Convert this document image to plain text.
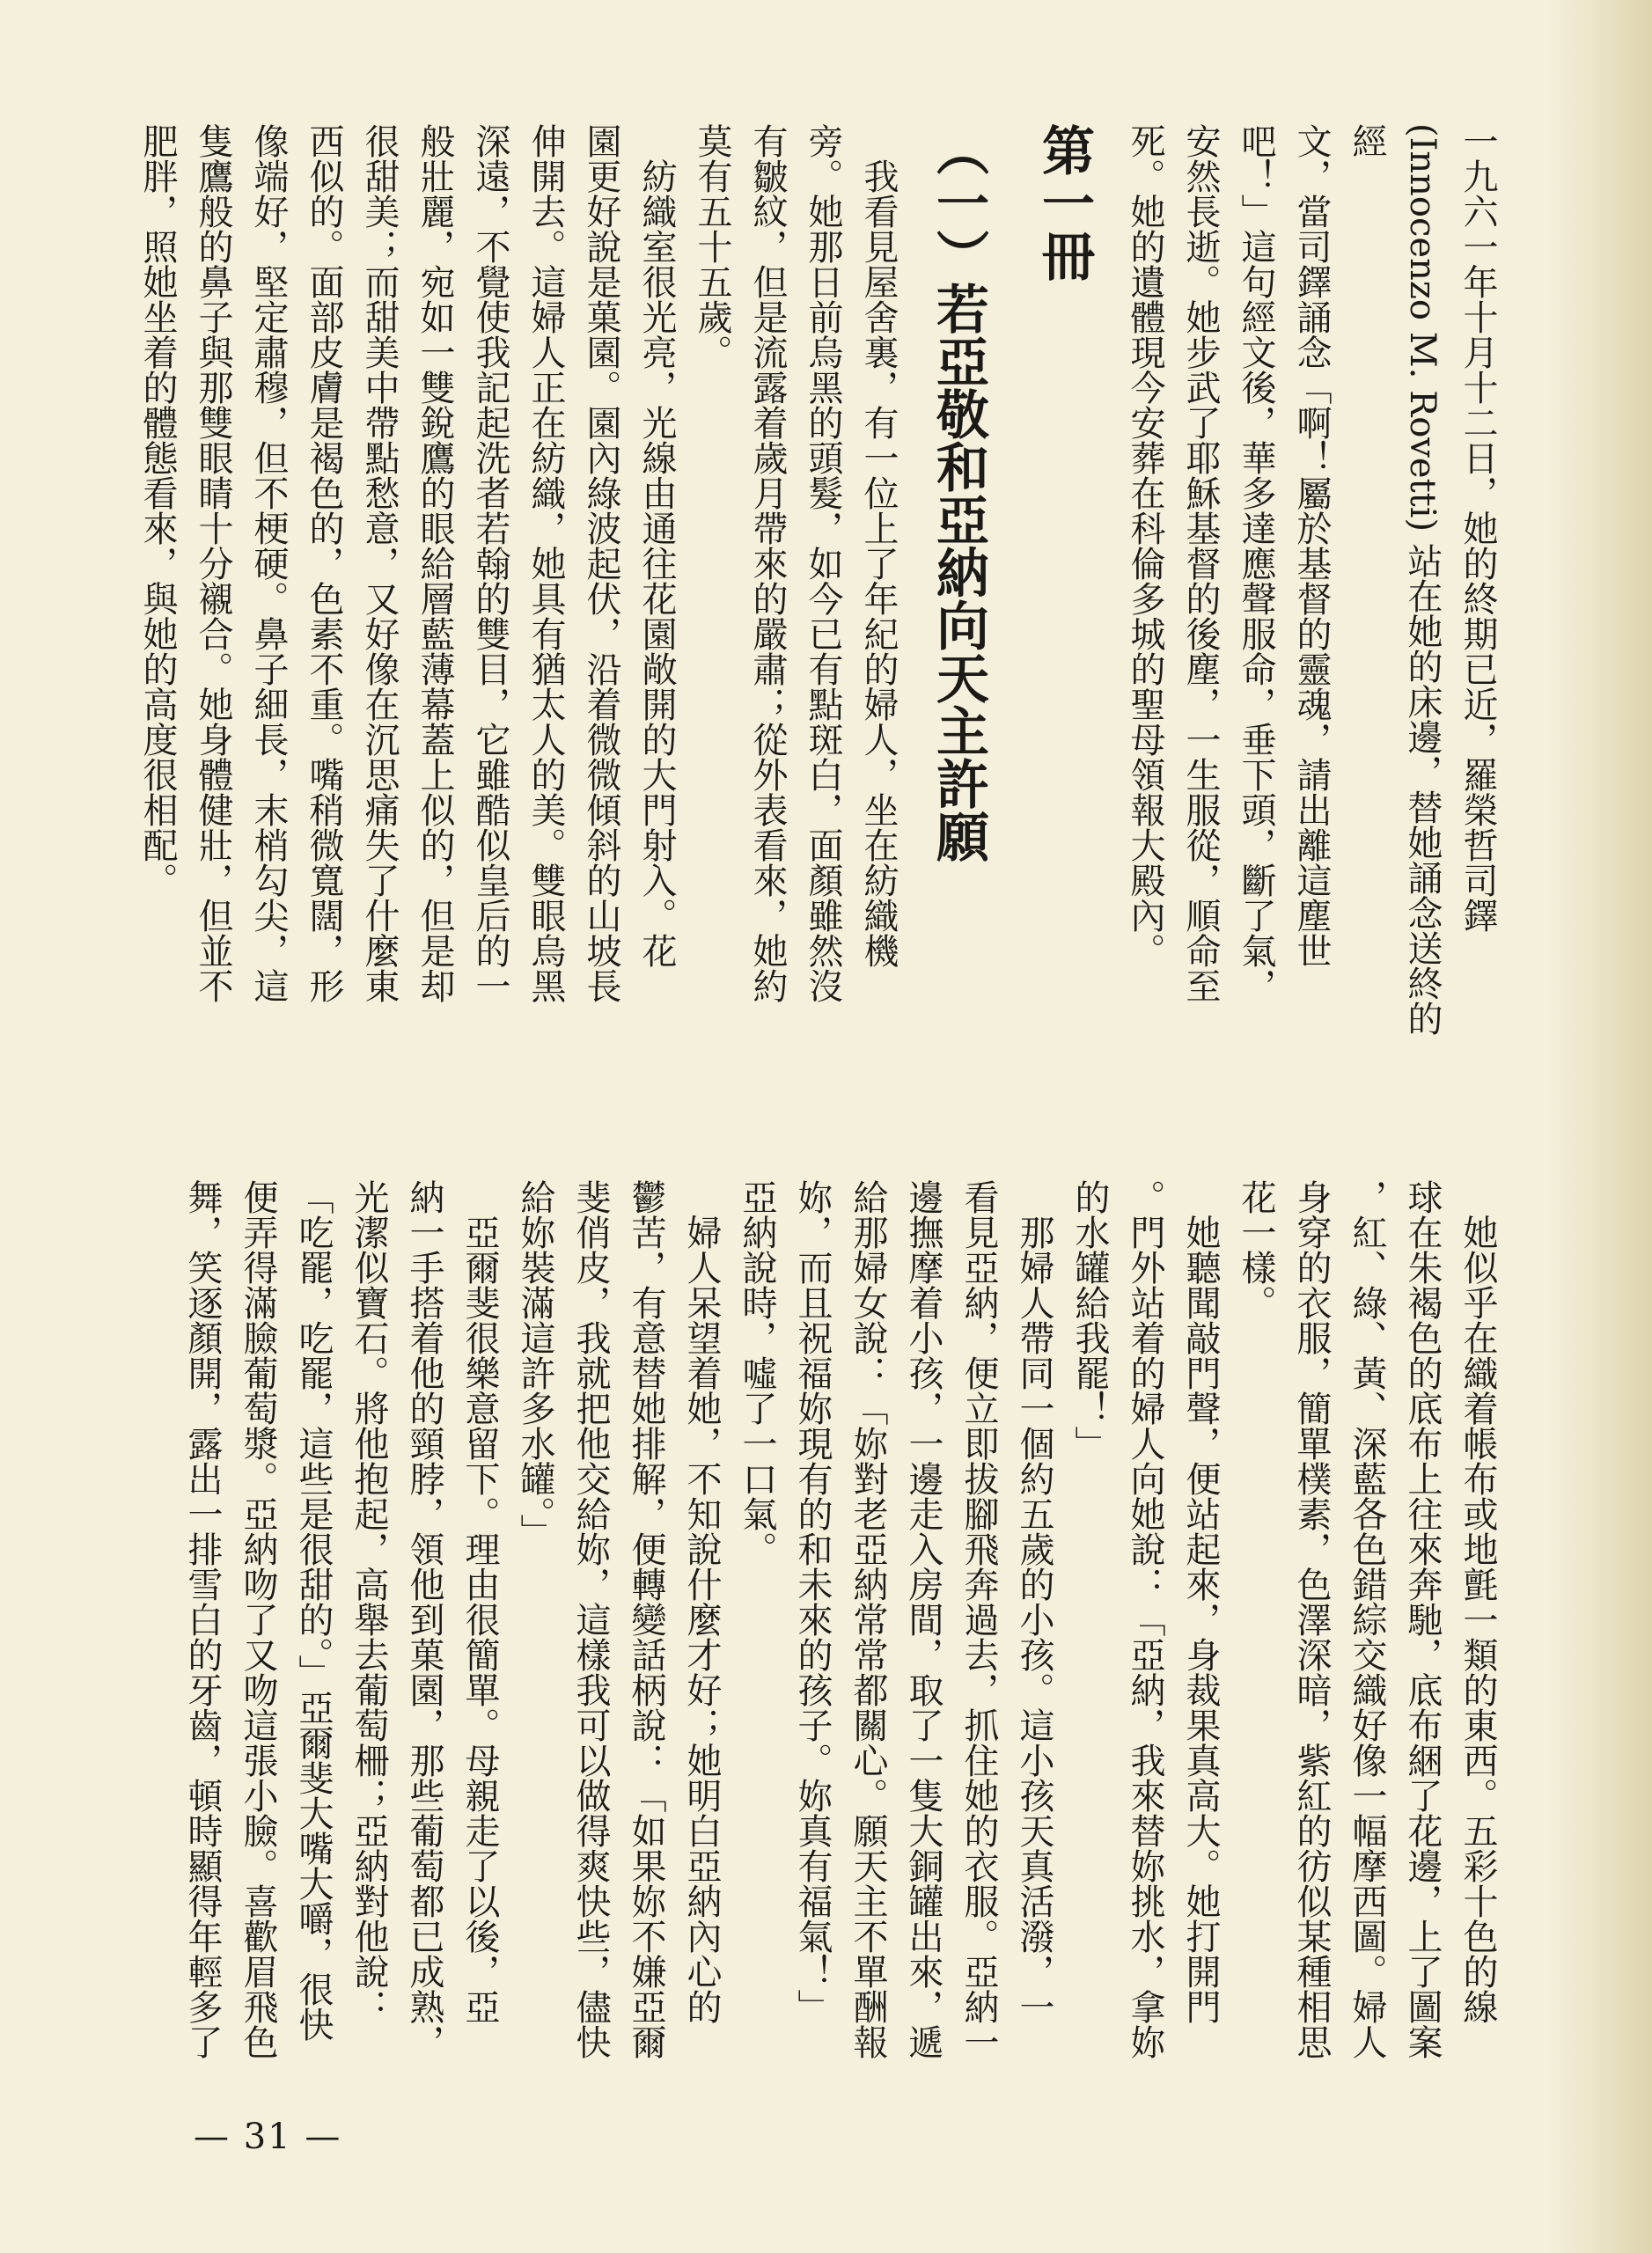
一九六一年十月十二日，她的終期已近，羅榮哲司鐸
(Innocenzo M. Rovetti) 站在她的床邊，替她誦念送終的經
文，當司鐸誦念「啊！屬於基督的靈魂，請出離這塵世
吧！」這句經文後，華多達應聲服命，垂下頭，斷了氣，
安然長逝。她步武了耶穌基督的後塵，一生服從，順命至
死。她的遺體現今安葬在科倫多城的聖母領報大殿內。
第一冊
（一）若亞敬和亞納向天主許願
我看見屋舍裏，有一位上了年紀的婦人，坐在紡織機
旁。她那日前烏黑的頭髮，如今已有點斑白，面顏雖然沒
有皺紋，但是流露着歲月帶來的嚴肅；從外表看來，她約
莫有五十五歲。
紡織室很光亮，光線由通往花園敞開的大門射入。花
園更好說是菓園。園內綠波起伏，沿着微微傾斜的山坡長
伸開去。這婦人正在紡織，她具有猶太人的美。雙眼烏黑
深遠，不覺使我記起洗者若翰的雙目，它雖酷似皇后的一
般壯麗，宛如一雙銳鷹的眼給層藍薄幕蓋上似的，但是却
很甜美；而甜美中帶點愁意，又好像在沉思痛失了什麼東
西似的。面部皮膚是褐色的，色素不重。嘴稍微寬闊，形
像端好，堅定肅穆，但不梗硬。鼻子細長，末梢勾尖，這
隻鷹般的鼻子與那雙眼睛十分襯合。她身體健壯，但並不
肥胖，照她坐着的體態看來，與她的高度很相配。
她似乎在織着帳布或地氈一類的東西。五彩十色的線
球在朱褐色的底布上往來奔馳，底布綑了花邊，上了圖案
，紅、綠、黃、深藍各色錯綜交織好像一幅摩西圖。婦人
身穿的衣服，簡單樸素，色澤深暗，紫紅的彷似某種相思
花一樣。
她聽聞敲門聲，便站起來，身裁果真高大。她打開門
。門外站着的婦人向她說：「亞納，我來替妳挑水，拿妳
的水罐給我罷！」
那婦人帶同一個約五歲的小孩。這小孩天真活潑，一
看見亞納，便立即拔腳飛奔過去，抓住她的衣服。亞納一
邊撫摩着小孩，一邊走入房間，取了一隻大銅罐出來，遞
給那婦女說：「妳對老亞納常常都關心。願天主不單酬報
妳，而且祝福妳現有的和未來的孩子。妳真有福氣！」
亞納說時，噓了一口氣。
婦人呆望着她，不知說什麼才好；她明白亞納內心的
鬱苦，有意替她排解，便轉變話柄說：「如果妳不嫌亞爾
斐俏皮，我就把他交給妳，這樣我可以做得爽快些，儘快
給妳裝滿這許多水罐。」
亞爾斐很樂意留下。理由很簡單。母親走了以後，亞
納一手搭着他的頸脖，領他到菓園，那些葡萄都已成熟，
光潔似寶石。將他抱起，高舉去葡萄柵；亞納對他說：
「吃罷，吃罷，這些是很甜的。」亞爾斐大嘴大嚼，很快
便弄得滿臉葡萄漿。亞納吻了又吻這張小臉。喜歡眉飛色
舞，笑逐顏開，露出一排雪白的牙齒，頓時顯得年輕多了
— 31 —
